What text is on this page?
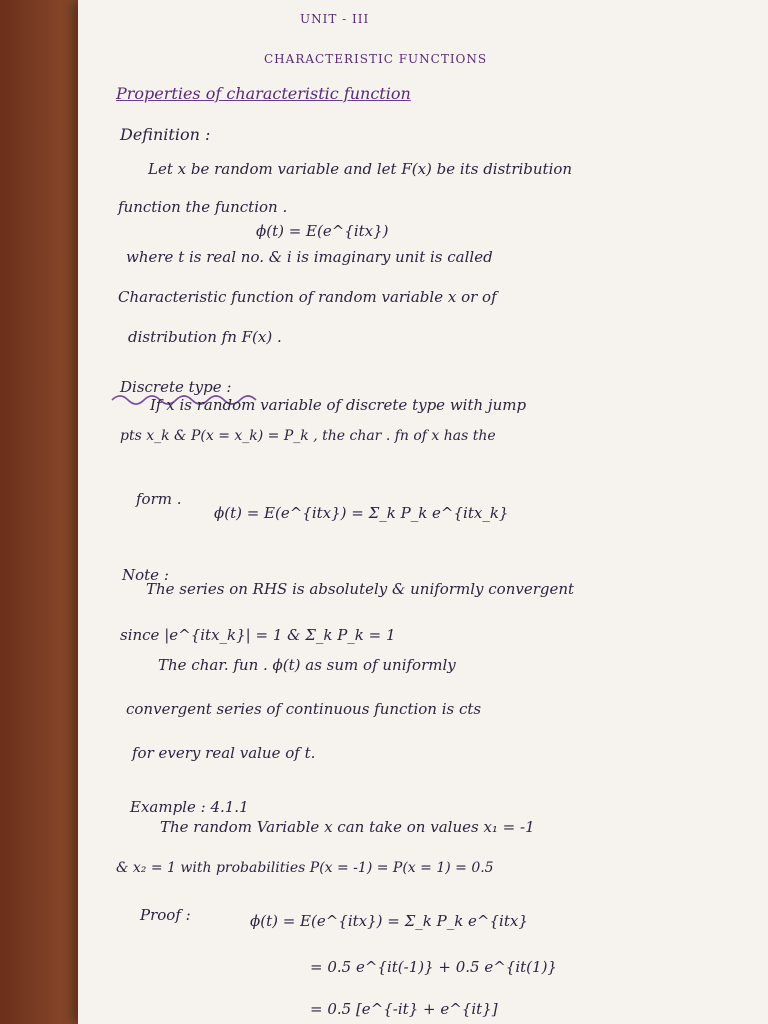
UNIT - III
CHARACTERISTIC FUNCTIONS
Properties of characteristic function
Definition :
Let x be random variable and let F(x) be its distribution
function the function .
ϕ(t) = E(e^{itx})
where t is real no. & i is imaginary unit is called
Characteristic function of random variable x or of
distribution fn F(x) .
Discrete type :
If x is random variable of discrete type with jump
pts x_k & P(x = x_k) = P_k , the char . fn of x has the
form .
ϕ(t) = E(e^{itx}) = Σ_k P_k e^{itx_k}
Note :
The series on RHS is absolutely & uniformly convergent
since |e^{itx_k}| = 1 & Σ_k P_k = 1
The char. fun . ϕ(t) as sum of uniformly
convergent series of continuous function is cts
for every real value of t.
Example : 4.1.1
The random Variable x can take on values x₁ = -1
& x₂ = 1 with probabilities P(x = -1) = P(x = 1) = 0.5
Proof :	ϕ(t) = E(e^{itx}) = Σ_k P_k e^{itx}
= 0.5 e^{it(-1)} + 0.5 e^{it(1)}
= 0.5 [e^{-it} + e^{it}]
